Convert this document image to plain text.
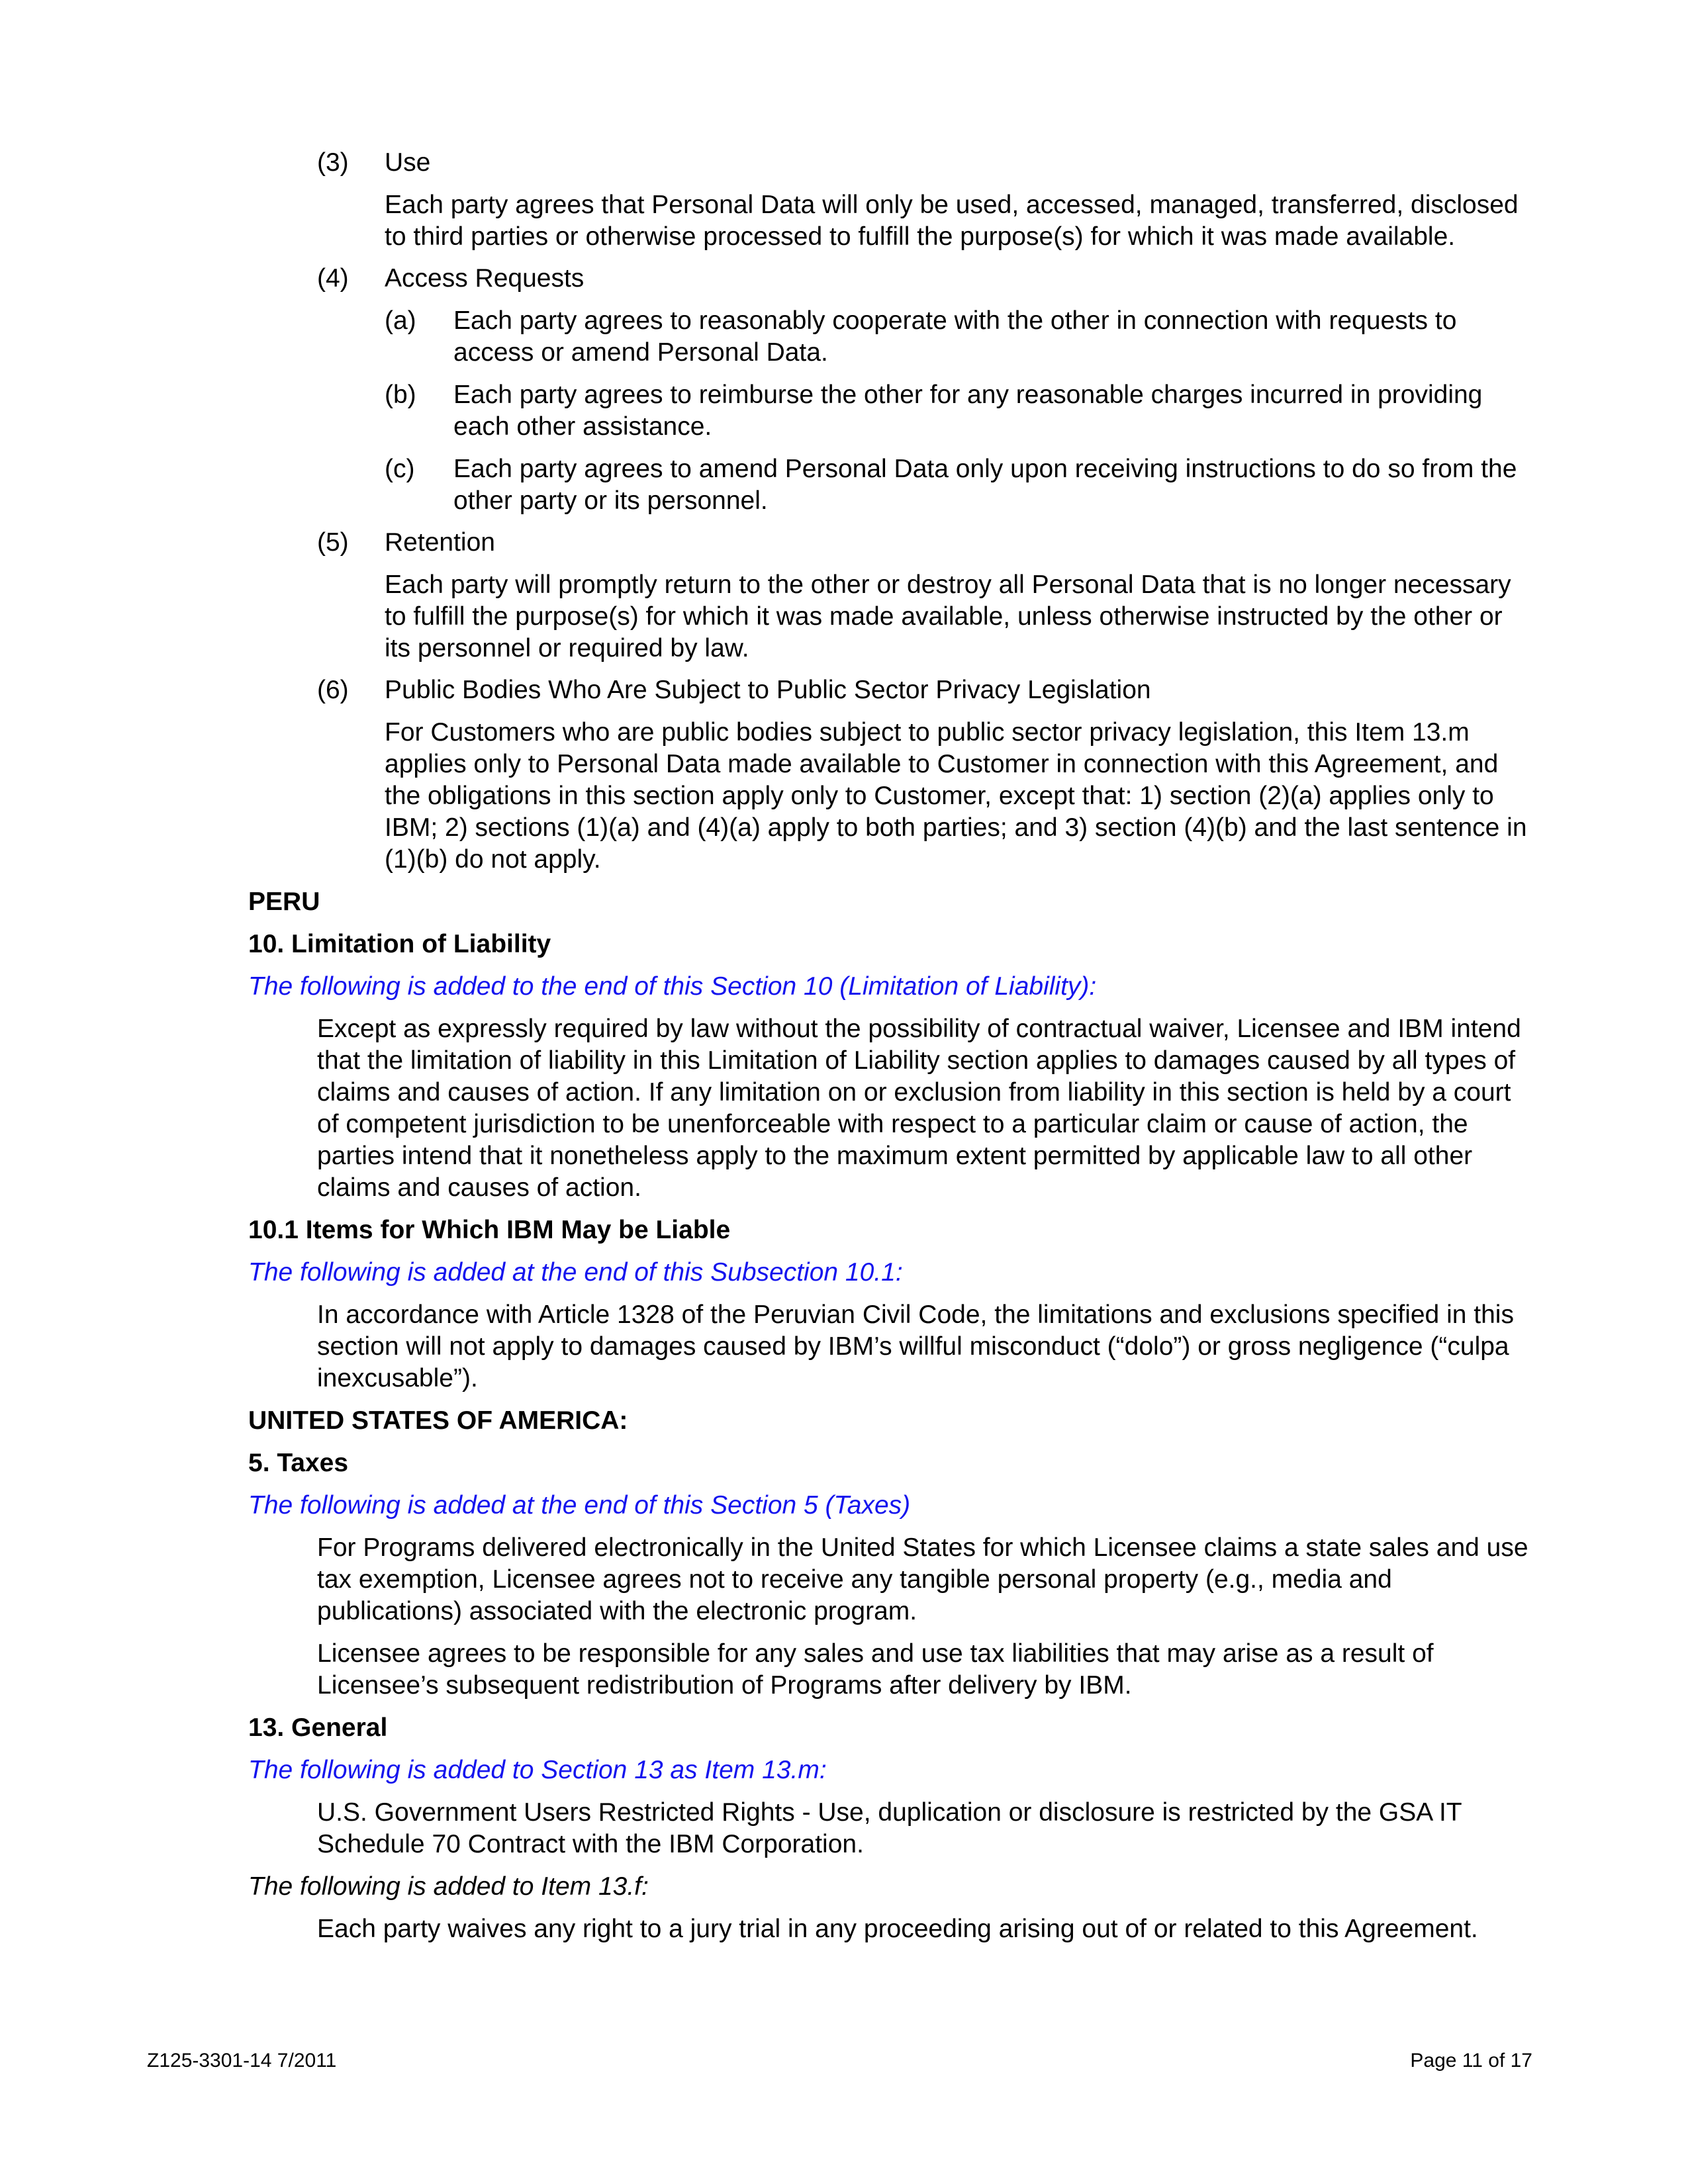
(3) Use

Each party agrees that Personal Data will only be used, accessed, managed, transferred, disclosed to third parties or otherwise processed to fulfill the purpose(s) for which it was made available.

(4) Access Requests
(a) Each party agrees to reasonably cooperate with the other in connection with requests to access or amend Personal Data.
(b) Each party agrees to reimburse the other for any reasonable charges incurred in providing each other assistance.
(c) Each party agrees to amend Personal Data only upon receiving instructions to do so from the other party or its personnel.
(5) Retention

Each party will promptly return to the other or destroy all Personal Data that is no longer necessary to fulfill the purpose(s) for which it was made available, unless otherwise instructed by the other or its personnel or required by law.

(6) Public Bodies Who Are Subject to Public Sector Privacy Legislation

For Customers who are public bodies subject to public sector privacy legislation, this Item 13.m applies only to Personal Data made available to Customer in connection with this Agreement, and the obligations in this section apply only to Customer, except that: 1) section (2)(a) applies only to IBM; 2) sections (1)(a) and (4)(a) apply to both parties; and 3) section (4)(b) and the last sentence in (1)(b) do not apply.

PERU

10. Limitation of Liability

The following is added to the end of this Section 10 (Limitation of Liability):

Except as expressly required by law without the possibility of contractual waiver, Licensee and IBM intend that the limitation of liability in this Limitation of Liability section applies to damages caused by all types of claims and causes of action. If any limitation on or exclusion from liability in this section is held by a court of competent jurisdiction to be unenforceable with respect to a particular claim or cause of action, the parties intend that it nonetheless apply to the maximum extent permitted by applicable law to all other claims and causes of action.

10.1 Items for Which IBM May be Liable

The following is added at the end of this Subsection 10.1:

In accordance with Article 1328 of the Peruvian Civil Code, the limitations and exclusions specified in this section will not apply to damages caused by IBM’s willful misconduct (“dolo”) or gross negligence (“culpa inexcusable”).

UNITED STATES OF AMERICA:

5. Taxes

The following is added at the end of this Section 5 (Taxes)

For Programs delivered electronically in the United States for which Licensee claims a state sales and use tax exemption, Licensee agrees not to receive any tangible personal property (e.g., media and publications) associated with the electronic program.

Licensee agrees to be responsible for any sales and use tax liabilities that may arise as a result of Licensee’s subsequent redistribution of Programs after delivery by IBM.

13. General

The following is added to Section 13 as Item 13.m:

U.S. Government Users Restricted Rights - Use, duplication or disclosure is restricted by the GSA IT Schedule 70 Contract with the IBM Corporation.

The following is added to Item 13.f:

Each party waives any right to a jury trial in any proceeding arising out of or related to this Agreement.

Z125-3301-14 7/2011	Page 11 of 17
